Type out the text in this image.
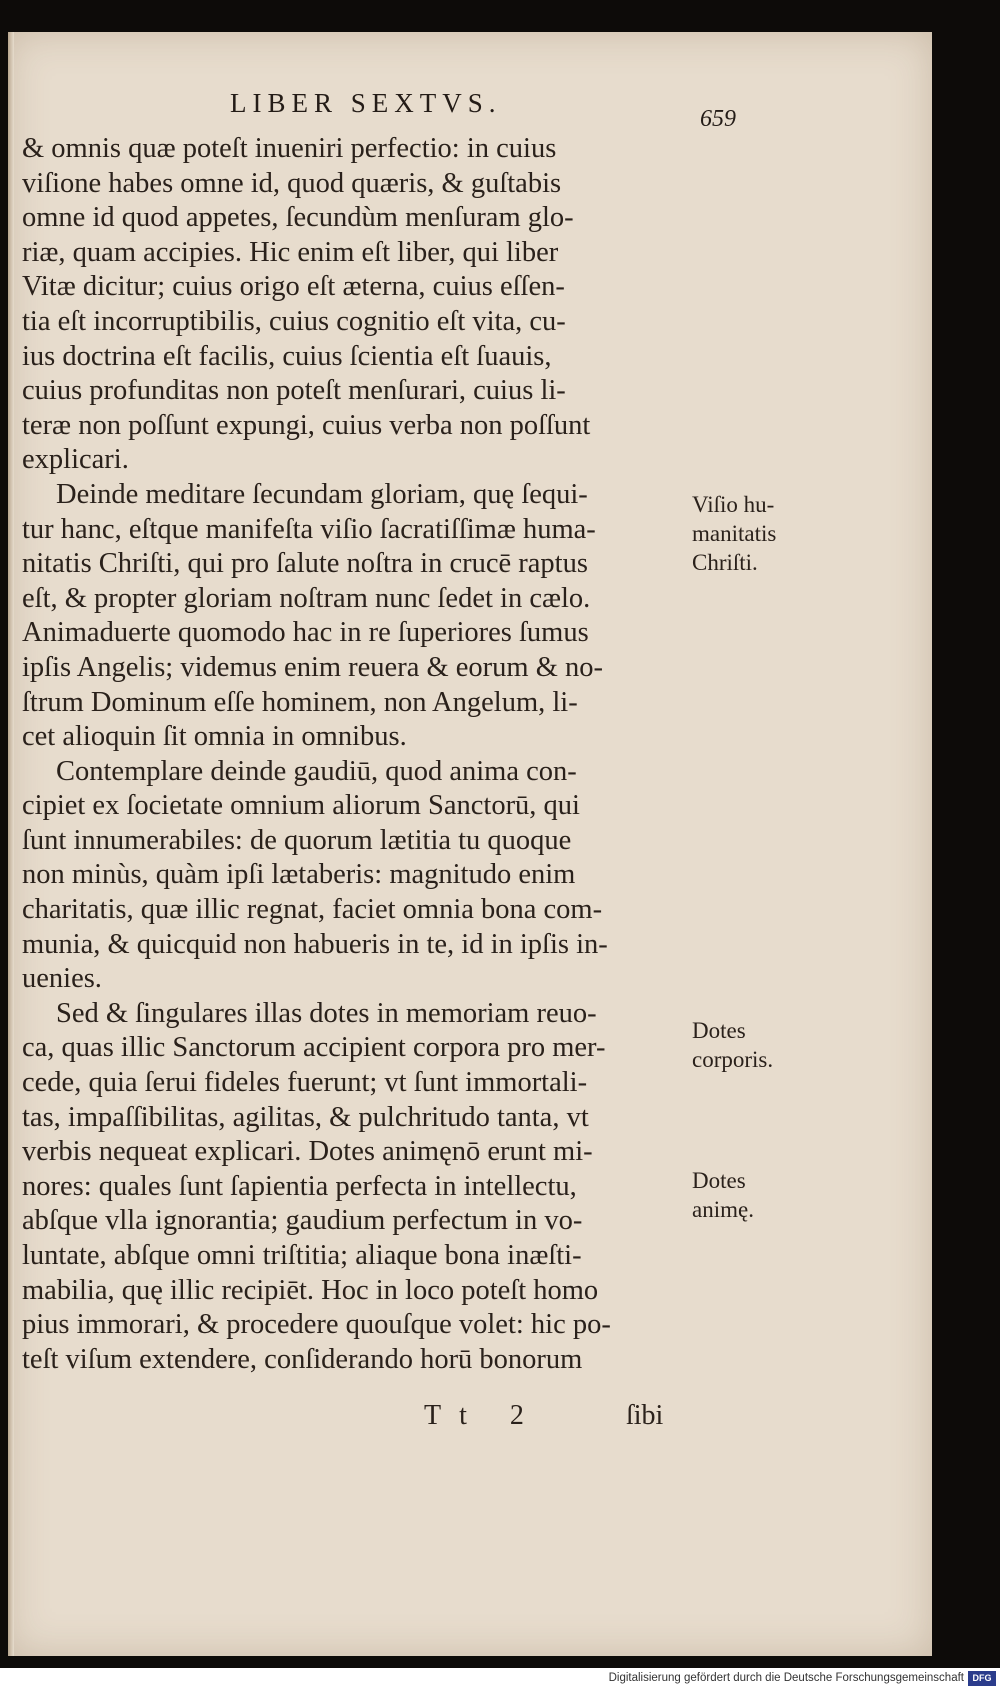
LIBER SEXTVS.
659
& omnis quæ poteſt inueniri perfectio: in cuius
viſione habes omne id, quod quæris, & guſtabis
omne id quod appetes, ſecundùm menſuram glo-
riæ, quam accipies. Hic enim eſt liber, qui liber
Vitæ dicitur; cuius origo eſt æterna, cuius eſſen-
tia eſt incorruptibilis, cuius cognitio eſt vita, cu-
ius doctrina eſt facilis, cuius ſcientia eſt ſuauis,
cuius profunditas non poteſt menſurari, cuius li-
teræ non poſſunt expungi, cuius verba non poſſunt
explicari.
Deinde meditare ſecundam gloriam, quę ſequi-
tur hanc, eſtque manifeſta viſio ſacratiſſimæ huma-
nitatis Chriſti, qui pro ſalute noſtra in crucē raptus
eſt, & propter gloriam noſtram nunc ſedet in cælo.
Animaduerte quomodo hac in re ſuperiores ſumus
ipſis Angelis; videmus enim reuera & eorum & no-
ſtrum Dominum eſſe hominem, non Angelum, li-
cet alioquin ſit omnia in omnibus.
Contemplare deinde gaudiū, quod anima con-
cipiet ex ſocietate omnium aliorum Sanctorū, qui
ſunt innumerabiles: de quorum lætitia tu quoque
non minùs, quàm ipſi lætaberis: magnitudo enim
charitatis, quæ illic regnat, faciet omnia bona com-
munia, & quicquid non habueris in te, id in ipſis in-
uenies.
Sed & ſingulares illas dotes in memoriam reuo-
ca, quas illic Sanctorum accipient corpora pro mer-
cede, quia ſerui fideles fuerunt; vt ſunt immortali-
tas, impaſſibilitas, agilitas, & pulchritudo tanta, vt
verbis nequeat explicari. Dotes animęnō erunt mi-
nores: quales ſunt ſapientia perfecta in intellectu,
abſque vlla ignorantia; gaudium perfectum in vo-
luntate, abſque omni triſtitia; aliaque bona inæſti-
mabilia, quę illic recipiēt. Hoc in loco poteſt homo
pius immorari, & procedere quouſque volet: hic po-
teſt viſum extendere, conſiderando horū bonorum
Viſio hu-
manitatis
Chriſti.
Dotes
corporis.
Dotes
animę.
Tt 2	ſibi
Digitalisierung gefördert durch die Deutsche Forschungsgemeinschaft DFG
